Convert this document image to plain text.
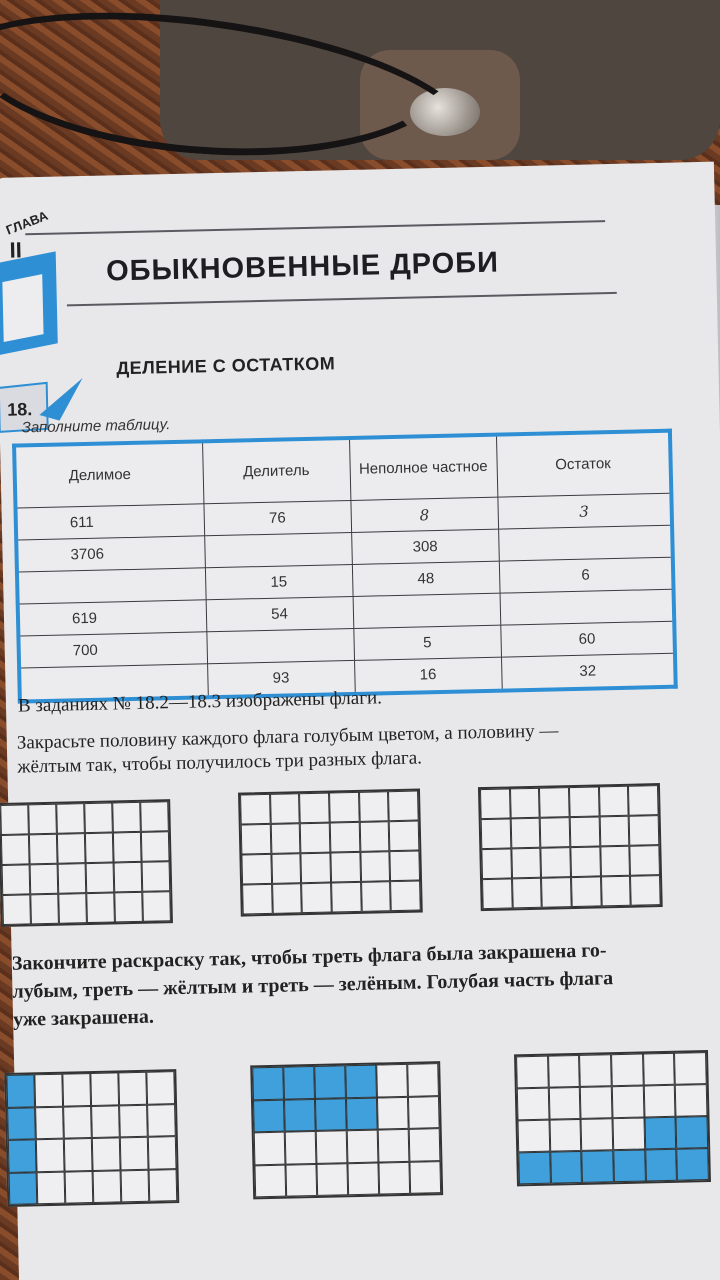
ГЛАВА
II	ОБЫКНОВЕННЫЕ ДРОБИ
18.
ДЕЛЕНИЕ С ОСТАТКОМ
Заполните таблицу.
Делимое	Делитель	Неполное частное	Остаток
611	76	8	3
3706		308	
	15	48	6
619	54		
700		5	60
	93	16	32
В заданиях № 18.2—18.3 изображены флаги.
Закрасьте половину каждого флага голубым цветом, а половину —
жёлтым так, чтобы получилось три разных флага.
Закончите раскраску так, чтобы треть флага была закрашена го-
лубым, треть — жёлтым и треть — зелёным. Голубая часть флага
уже закрашена.
